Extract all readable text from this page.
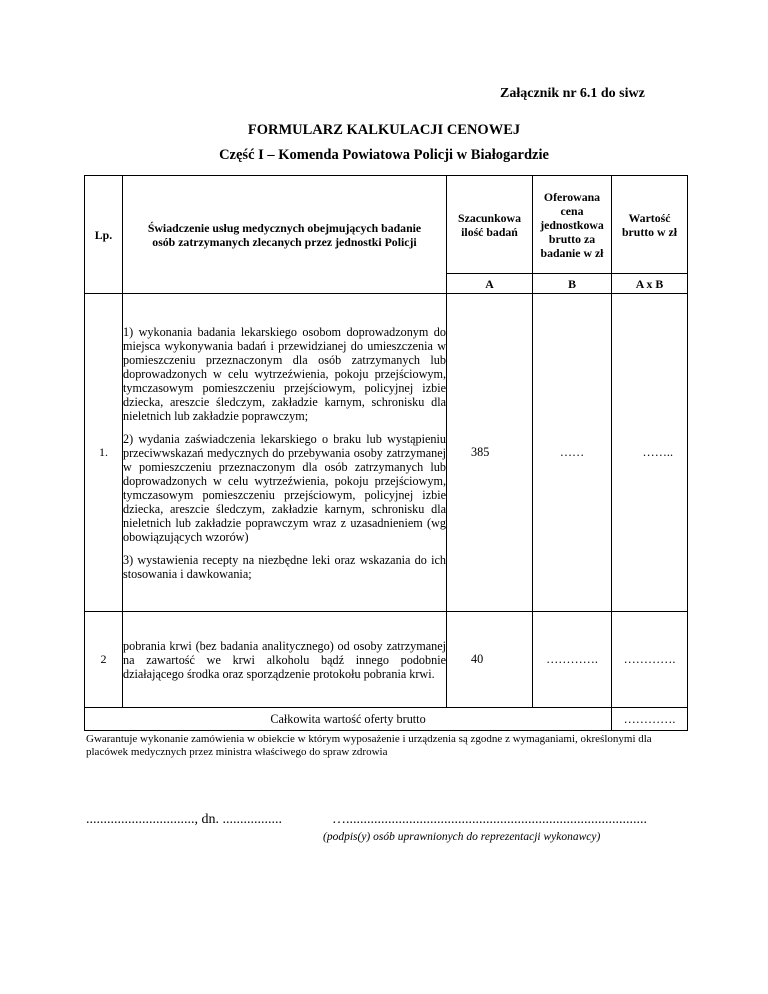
Załącznik nr 6.1 do siwz
FORMULARZ KALKULACJI CENOWEJ
Część I – Komenda Powiatowa Policji w Białogardzie
Lp.	Świadczenie usług medycznych obejmujących badanie osób zatrzymanych zlecanych przez jednostki Policji	Szacunkowa ilość badań	Oferowana cena jednostkowa brutto za badanie w zł	Wartość brutto w zł
		A	B	A x B
1.	1) wykonania badania lekarskiego osobom doprowadzonym do miejsca wykonywania badań i przewidzianej do umieszczenia w pomieszczeniu przeznaczonym dla osób zatrzymanych lub doprowadzonych w celu wytrzeźwienia, pokoju przejściowym, tymczasowym pomieszczeniu przejściowym, policyjnej izbie dziecka, areszcie śledczym, zakładzie karnym, schronisku dla nieletnich lub zakładzie poprawczym;

2) wydania zaświadczenia lekarskiego o braku lub wystąpieniu przeciwwskazań medycznych do przebywania osoby zatrzymanej w pomieszczeniu przeznaczonym dla osób zatrzymanych lub doprowadzonych w celu wytrzeźwienia, pokoju przejściowym, tymczasowym pomieszczeniu przejściowym, policyjnej izbie dziecka, areszcie śledczym, zakładzie karnym, schronisku dla nieletnich lub zakładzie poprawczym wraz z uzasadnieniem (wg obowiązujących wzorów)

3) wystawienia recepty na niezbędne leki oraz wskazania do ich stosowania i dawkowania;	385	……	……..
2	pobrania krwi (bez badania analitycznego) od osoby zatrzymanej na zawartość we krwi alkoholu bądź innego podobnie działającego środka oraz sporządzenie protokołu pobrania krwi.	40	………….	………….
Całkowita wartość oferty brutto				………….
Gwarantuje wykonanie zamówienia w obiekcie w którym wyposażenie i urządzenia są zgodne z wymaganiami, określonymi dla placówek medycznych przez ministra właściwego do spraw zdrowia
..............................., dn. .................	…......................................................................................
(podpis(y) osób uprawnionych do reprezentacji wykonawcy)
